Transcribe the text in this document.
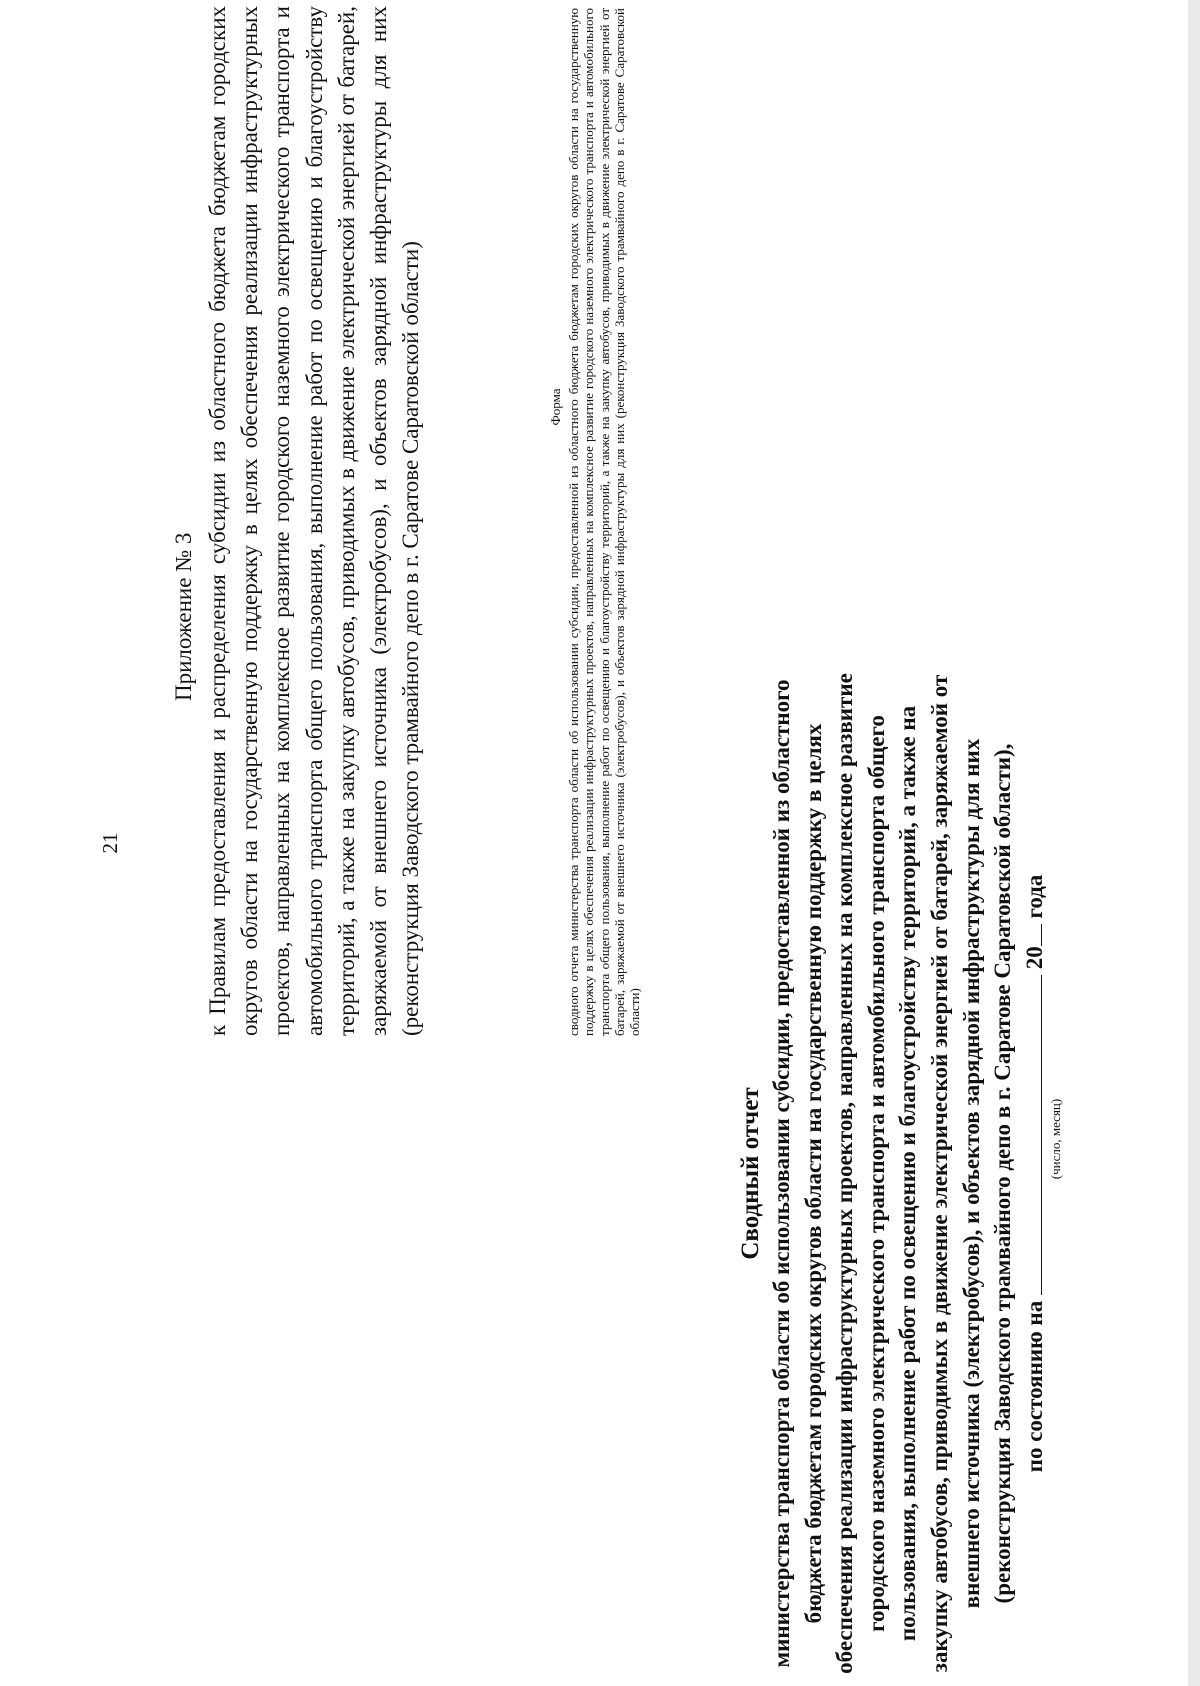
21
Приложение № 3 к Правилам предоставления и распределения субсидии из областного бюджета бюджетам городских округов области на государственную поддержку в целях обеспечения реализации инфраструктурных проектов, направленных на комплексное развитие городского наземного электрического транспорта и автомобильного транспорта общего пользования, выполнение работ по освещению и благоустройству территорий, а также на закупку автобусов, приводимых в движение электрической энергией от батарей, заряжаемой от внешнего источника (электробусов), и объектов зарядной инфраструктуры для них (реконструкция Заводского трамвайного депо в г. Саратове Саратовской области)	Форма сводного отчета министерства транспорта области об использовании субсидии, предоставленной из областного бюджета бюджетам городских округов области на государственную поддержку в целях обеспечения реализации инфраструктурных проектов, направленных на комплексное развитие городского наземного электрического транспорта и автомобильного транспорта общего пользования, выполнение работ по освещению и благоустройству территорий, а также на закупку автобусов, приводимых в движение электрической энергией от батарей, заряжаемой от внешнего источника (электробусов), и объектов зарядной инфраструктуры для них (реконструкция Заводского трамвайного депо в г. Саратове Саратовской области)

Сводный отчет министерства транспорта области об использовании субсидии, предоставленной из областного бюджета бюджетам городских округов области на государственную поддержку в целях обеспечения реализации инфраструктурных проектов, направленных на комплексное развитие городского наземного электрического транспорта и автомобильного транспорта общего пользования, выполнение работ по освещению и благоустройству территорий, а также на закупку автобусов, приводимых в движение электрической энергией от батарей, заряжаемой от внешнего источника (электробусов), и объектов зарядной инфраструктуры для них (реконструкция Заводского трамвайного депо в г. Саратове Саратовской области), по состоянию на  20 года
(число, месяц)
